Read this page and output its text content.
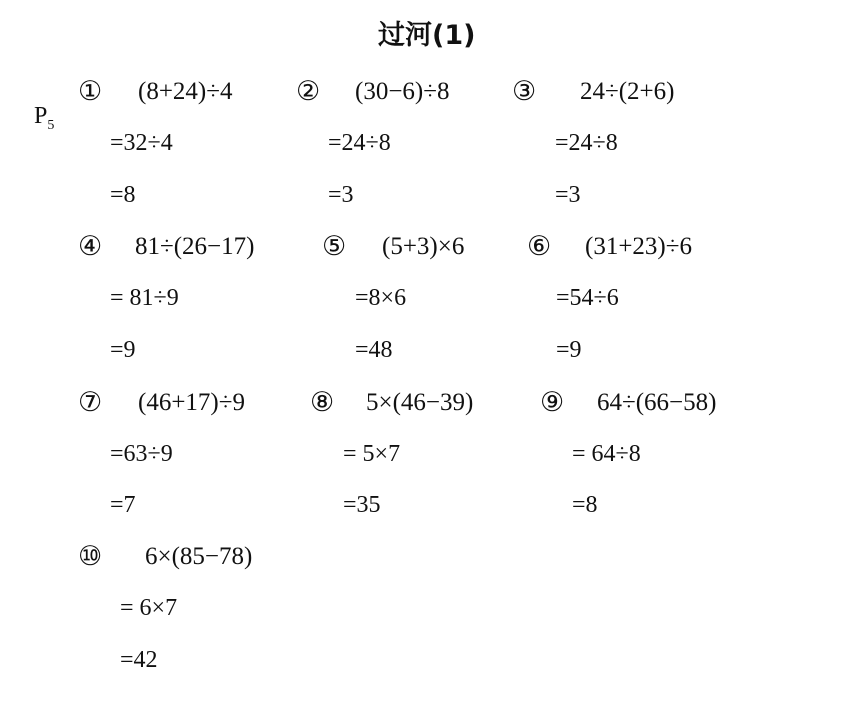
过河(1)

$P_5$

① (8+24)÷4
=32÷4
=8
② (30−6)÷8
=24÷8
=3
③ 24÷(2+6)
=24÷8
=3
④ 81÷(26−17)
= 81÷9
=9
⑤ (5+3)×6
=8×6
=48
⑥ (31+23)÷6
=54÷6
=9
⑦ (46+17)÷9
=63÷9
=7
⑧ 5×(46−39)
= 5×7
=35
⑨ 64÷(66−58)
= 64÷8
=8
⑩ 6×(85−78)
= 6×7
=42
